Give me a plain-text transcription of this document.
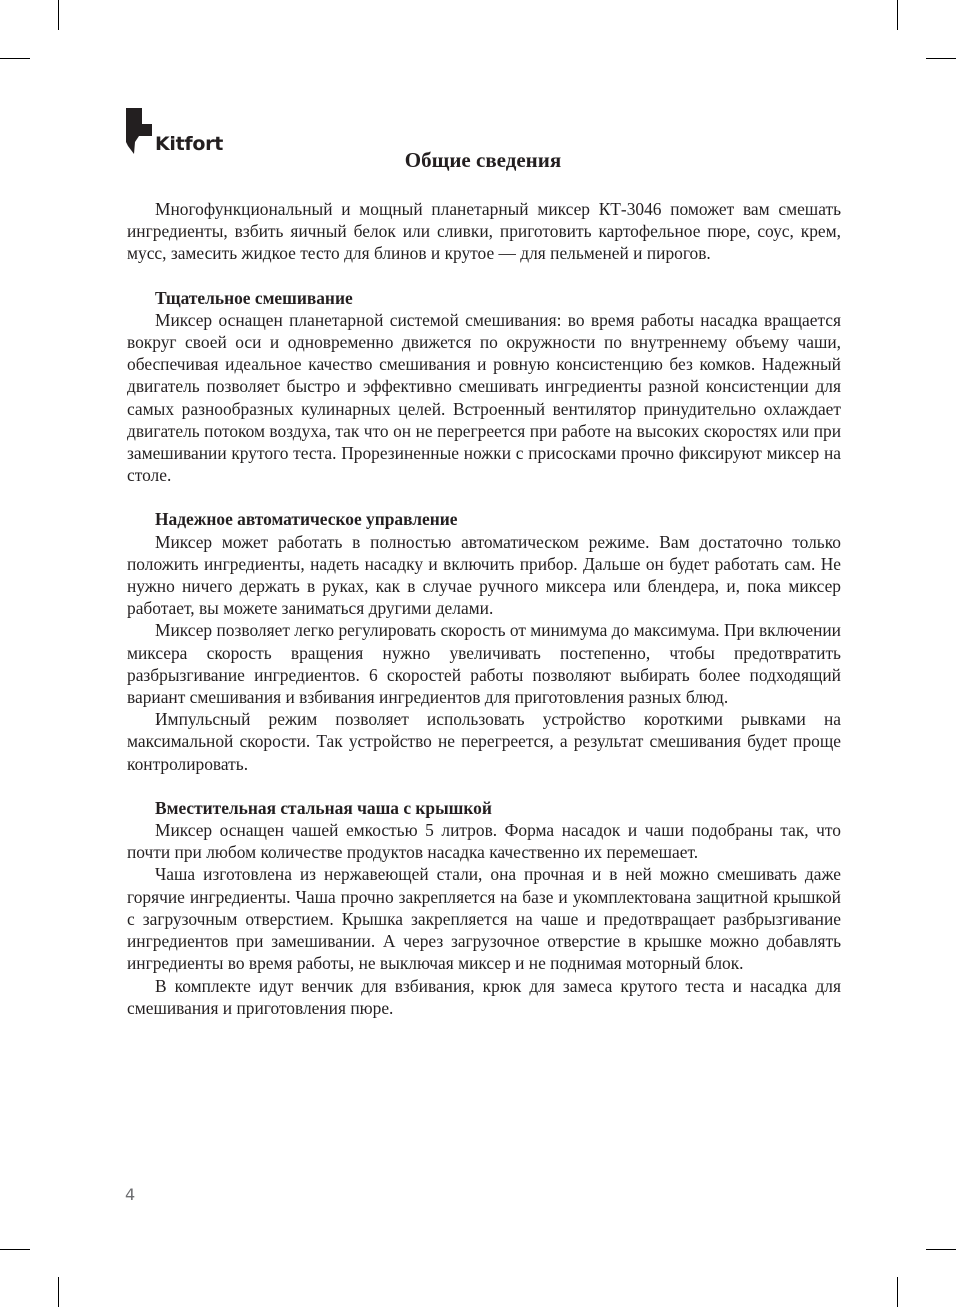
Kitfort
Общие сведения

Многофункциональный и мощный планетарный миксер КТ-3046 поможет вам смешать ингредиенты, взбить яичный белок или сливки, приготовить картофельное пюре, соус, крем, мусс, замесить жидкое тесто для блинов и крутое — для пельменей и пирогов.

Тщательное смешивание

Миксер оснащен планетарной системой смешивания: во время работы насадка вращается вокруг своей оси и одновременно движется по окружности по внутреннему объему чаши, обеспечивая идеальное качество смешивания и ровную консистенцию без комков. Надежный двигатель позволяет быстро и эффективно смешивать ингредиенты разной консистенции для самых разнообразных кулинарных целей. Встроенный вентилятор принудительно охлаждает двигатель потоком воздуха, так что он не перегреется при работе на высоких скоростях или при замешивании крутого теста. Прорезиненные ножки с присосками прочно фиксируют миксер на столе.

Надежное автоматическое управление

Миксер может работать в полностью автоматическом режиме. Вам достаточно только положить ингредиенты, надеть насадку и включить прибор. Дальше он будет работать сам. Не нужно ничего держать в руках, как в случае ручного миксера или блендера, и, пока миксер работает, вы можете заниматься другими делами.

Миксер позволяет легко регулировать скорость от минимума до максимума. При включении миксера скорость вращения нужно увеличивать постепенно, чтобы предотвратить разбрызгивание ингредиентов. 6 скоростей работы позволяют выбирать более подходящий вариант смешивания и взбивания ингредиентов для приготовления разных блюд.

Импульсный режим позволяет использовать устройство короткими рывками на максимальной скорости. Так устройство не перегреется, а результат смешивания будет проще контролировать.

Вместительная стальная чаша с крышкой

Миксер оснащен чашей емкостью 5 литров. Форма насадок и чаши подобраны так, что почти при любом количестве продуктов насадка качественно их перемешает.

Чаша изготовлена из нержавеющей стали, она прочная и в ней можно смешивать даже горячие ингредиенты. Чаша прочно закрепляется на базе и укомплектована защитной крышкой с загрузочным отверстием. Крышка закрепляется на чаше и предотвращает разбрызгивание ингредиентов при замешивании. А через загрузочное отверстие в крышке можно добавлять ингредиенты во время работы, не выключая миксер и не поднимая моторный блок.

В комплекте идут венчик для взбивания, крюк для замеса крутого теста и насадка для смешивания и приготовления пюре.

4
